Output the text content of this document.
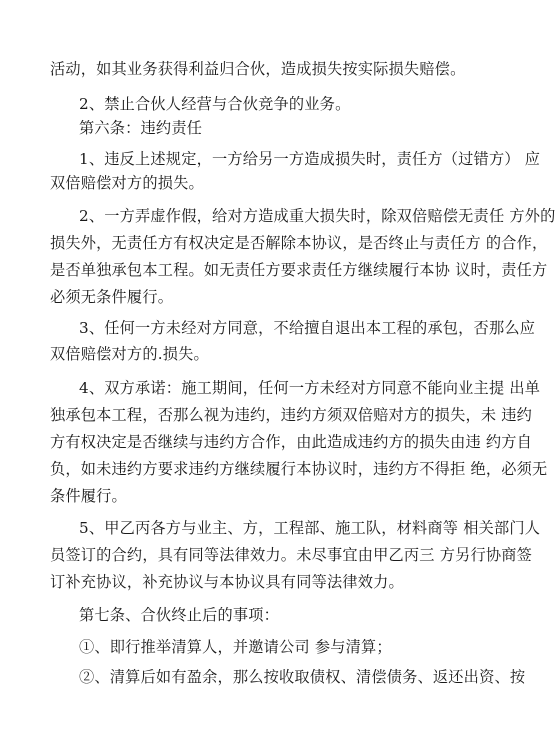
活动，如其业务获得利益归合伙，造成损失按实际损失赔偿。
2、禁止合伙人经营与合伙竞争的业务。
第六条：违约责任
1、违反上述规定，一方给另一方造成损失时，责任方（过错方） 应
双倍赔偿对方的损失。
2、一方弄虚作假，给对方造成重大损失时，除双倍赔偿无责任 方外的
损失外，无责任方有权决定是否解除本协议，是否终止与责任方 的合作，
是否单独承包本工程。如无责任方要求责任方继续履行本协 议时，责任方
必须无条件履行。
3、任何一方未经对方同意，不给擅自退出本工程的承包，否那么应
双倍赔偿对方的.损失。
4、双方承诺：施工期间，任何一方未经对方同意不能向业主提 出单
独承包本工程，否那么视为违约，违约方须双倍赔对方的损失，未 违约
方有权决定是否继续与违约方合作，由此造成违约方的损失由违 约方自
负，如未违约方要求违约方继续履行本协议时，违约方不得拒 绝，必须无
条件履行。
5、甲乙丙各方与业主、方，工程部、施工队，材料商等 相关部门人
员签订的合约，具有同等法律效力。未尽事宜由甲乙丙三 方另行协商签
订补充协议，补充协议与本协议具有同等法律效力。
第七条、合伙终止后的事项：
①、即行推举清算人，并邀请公司 参与清算；
②、清算后如有盈余，那么按收取债权、清偿债务、返还出资、按
